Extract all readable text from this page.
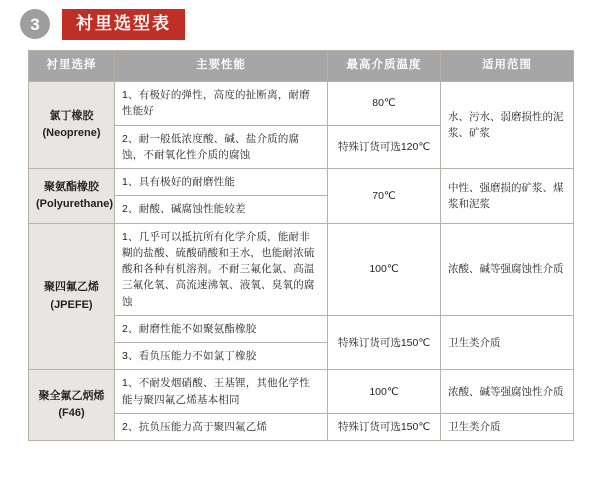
3	衬里选型表
衬里选择	主要性能	最高介质温度	适用范围
氯丁橡胶
(Neoprene)	1、有极好的弹性，高度的扯断离，耐磨性能好	80℃	水、污水、弱磨损性的泥浆、矿浆
	2、耐一般低浓度酸、碱、盐介质的腐蚀，不耐氧化性介质的腐蚀	特殊订货可选120℃	
聚氨酯橡胶
(Polyurethane)	1、具有极好的耐磨性能	70℃	中性、强磨损的矿浆、煤浆和泥浆
	2、耐酸、碱腐蚀性能较差		
聚四氟乙烯
(JPEFE)	1、几乎可以抵抗所有化学介质，能耐非糊的盐酸、硫酸硝酸和王水，也能耐浓硫酸和各种有机溶剂。不耐三氟化氯、高温三氟化氧、高流速沸氧、液氧、臭氧的腐蚀	100℃	浓酸、碱等强腐蚀性介质
	2、耐磨性能不如聚氨酯橡胶	特殊订货可选150℃	卫生类介质
	3、看负压能力不如氯丁橡胶		
聚全氟乙炳烯
(F46)	1、不耐发烟硝酸、王基锂，其他化学性能与聚四氟乙烯基本相同	100℃	浓酸、碱等强腐蚀性介质
	2、抗负压能力高于聚四氟乙烯	特殊订货可选150℃	卫生类介质
